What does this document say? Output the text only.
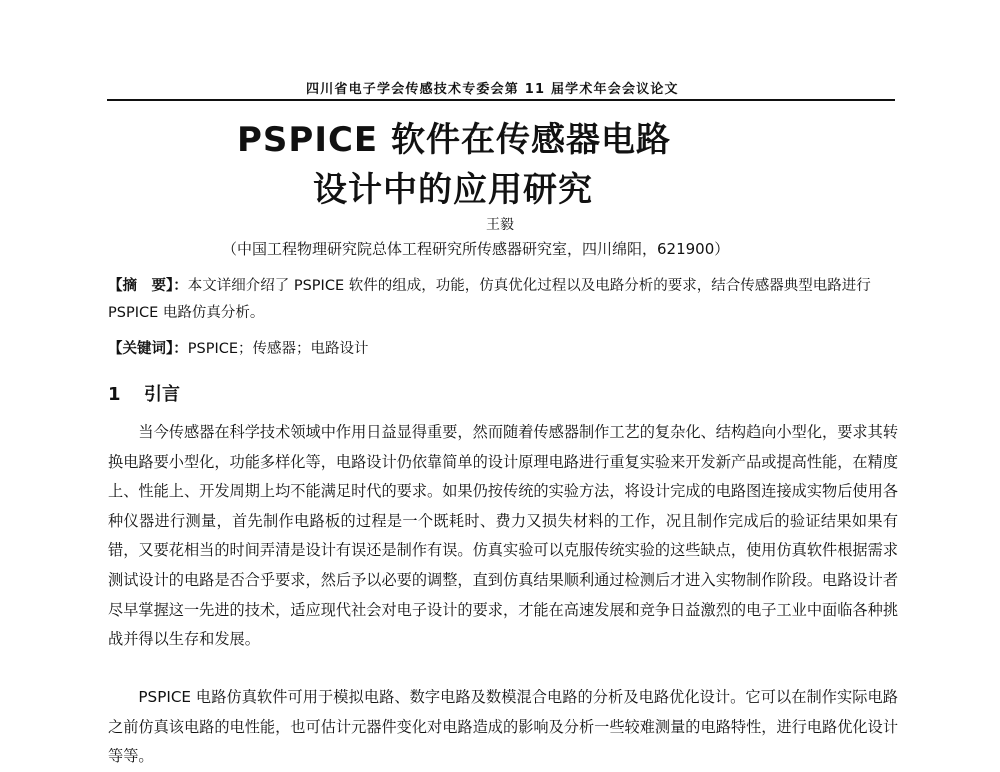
四川省电子学会传感技术专委会第 11 届学术年会会议论文
PSPICE 软件在传感器电路
设计中的应用研究
王毅
（中国工程物理研究院总体工程研究所传感器研究室，四川绵阳，621900）
【摘　要】：本文详细介绍了 PSPICE 软件的组成，功能，仿真优化过程以及电路分析的要求，结合传感器典型电路进行 PSPICE 电路仿真分析。
【关键词】：PSPICE；传感器；电路设计
1 引言
当今传感器在科学技术领域中作用日益显得重要，然而随着传感器制作工艺的复杂化、结构趋向小型化，要求其转换电路要小型化，功能多样化等，电路设计仍依靠简单的设计原理电路进行重复实验来开发新产品或提高性能，在精度上、性能上、开发周期上均不能满足时代的要求。如果仍按传统的实验方法，将设计完成的电路图连接成实物后使用各种仪器进行测量，首先制作电路板的过程是一个既耗时、费力又损失材料的工作，况且制作完成后的验证结果如果有错，又要花相当的时间弄清是设计有误还是制作有误。仿真实验可以克服传统实验的这些缺点，使用仿真软件根据需求测试设计的电路是否合乎要求，然后予以必要的调整，直到仿真结果顺利通过检测后才进入实物制作阶段。电路设计者尽早掌握这一先进的技术，适应现代社会对电子设计的要求，才能在高速发展和竞争日益激烈的电子工业中面临各种挑战并得以生存和发展。
PSPICE 电路仿真软件可用于模拟电路、数字电路及数模混合电路的分析及电路优化设计。它可以在制作实际电路之前仿真该电路的电性能，也可估计元器件变化对电路造成的影响及分析一些较难测量的电路特性，进行电路优化设计等等。
